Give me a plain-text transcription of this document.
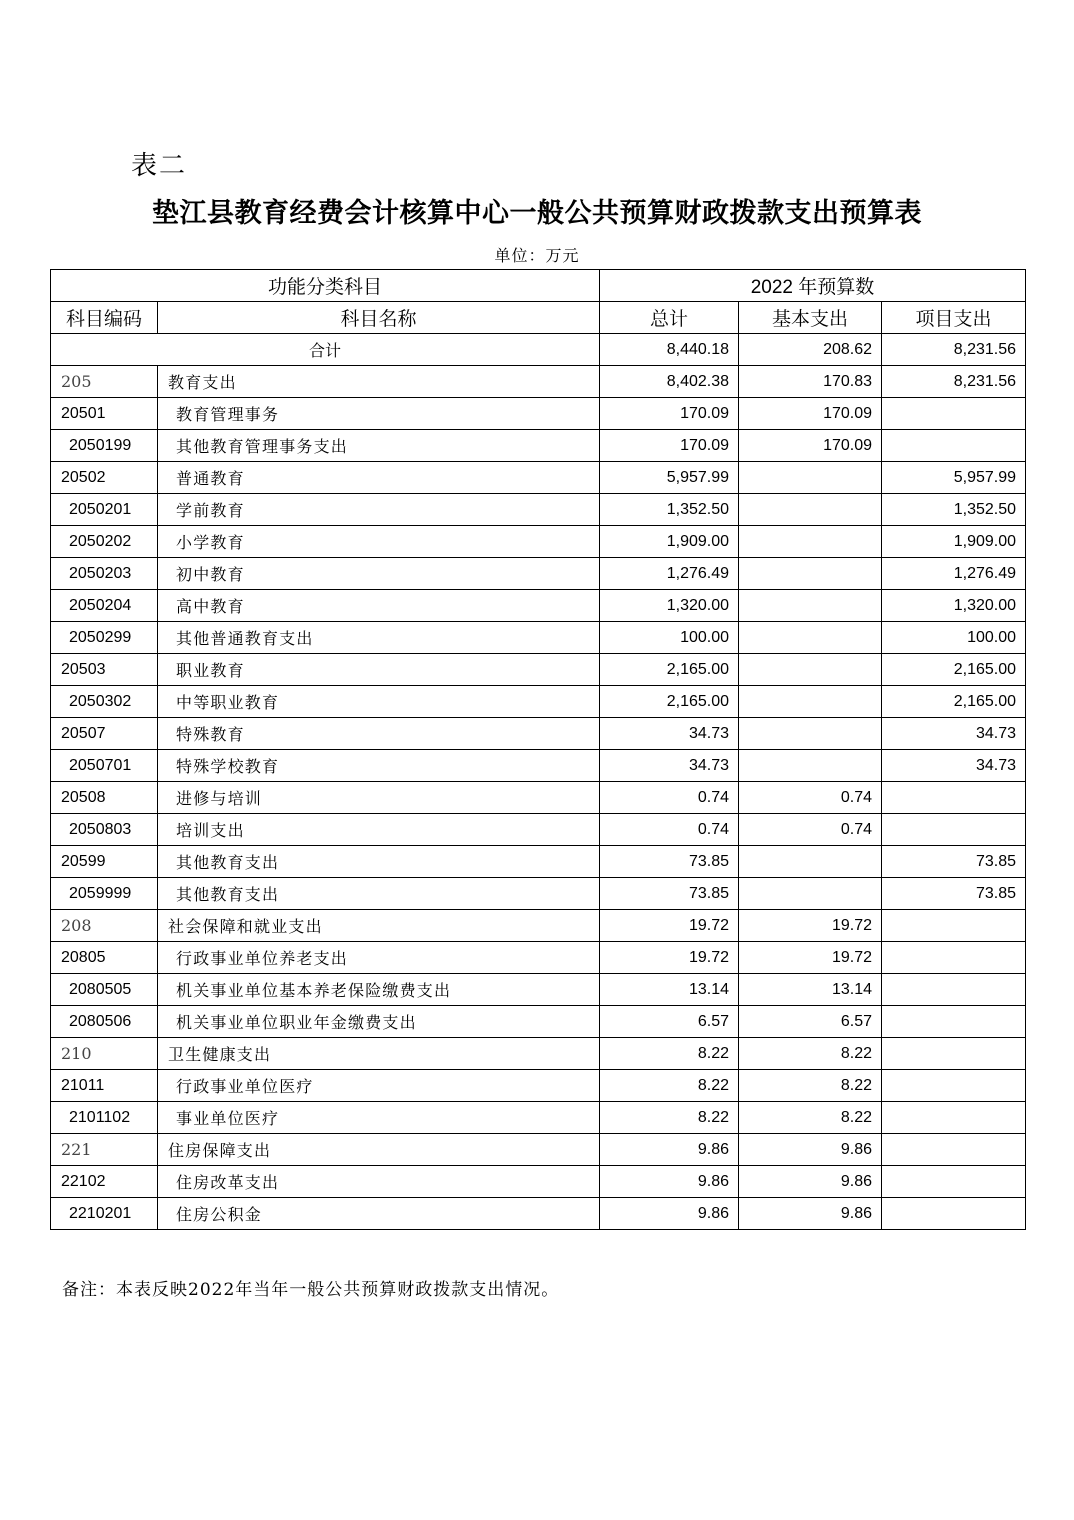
表二
垫江县教育经费会计核算中心一般公共预算财政拨款支出预算表
单位：万元
功能分类科目		2022 年预算数		
科目编码	科目名称	总计	基本支出	项目支出
合计		8,440.18	208.62	8,231.56
205	教育支出	8,402.38	170.83	8,231.56
20501	教育管理事务	170.09	170.09	
2050199	其他教育管理事务支出	170.09	170.09	
20502	普通教育	5,957.99		5,957.99
2050201	学前教育	1,352.50		1,352.50
2050202	小学教育	1,909.00		1,909.00
2050203	初中教育	1,276.49		1,276.49
2050204	高中教育	1,320.00		1,320.00
2050299	其他普通教育支出	100.00		100.00
20503	职业教育	2,165.00		2,165.00
2050302	中等职业教育	2,165.00		2,165.00
20507	特殊教育	34.73		34.73
2050701	特殊学校教育	34.73		34.73
20508	进修与培训	0.74	0.74	
2050803	培训支出	0.74	0.74	
20599	其他教育支出	73.85		73.85
2059999	其他教育支出	73.85		73.85
208	社会保障和就业支出	19.72	19.72	
20805	行政事业单位养老支出	19.72	19.72	
2080505	机关事业单位基本养老保险缴费支出	13.14	13.14	
2080506	机关事业单位职业年金缴费支出	6.57	6.57	
210	卫生健康支出	8.22	8.22	
21011	行政事业单位医疗	8.22	8.22	
2101102	事业单位医疗	8.22	8.22	
221	住房保障支出	9.86	9.86	
22102	住房改革支出	9.86	9.86	
2210201	住房公积金	9.86	9.86	
备注：本表反映2022年当年一般公共预算财政拨款支出情况。
